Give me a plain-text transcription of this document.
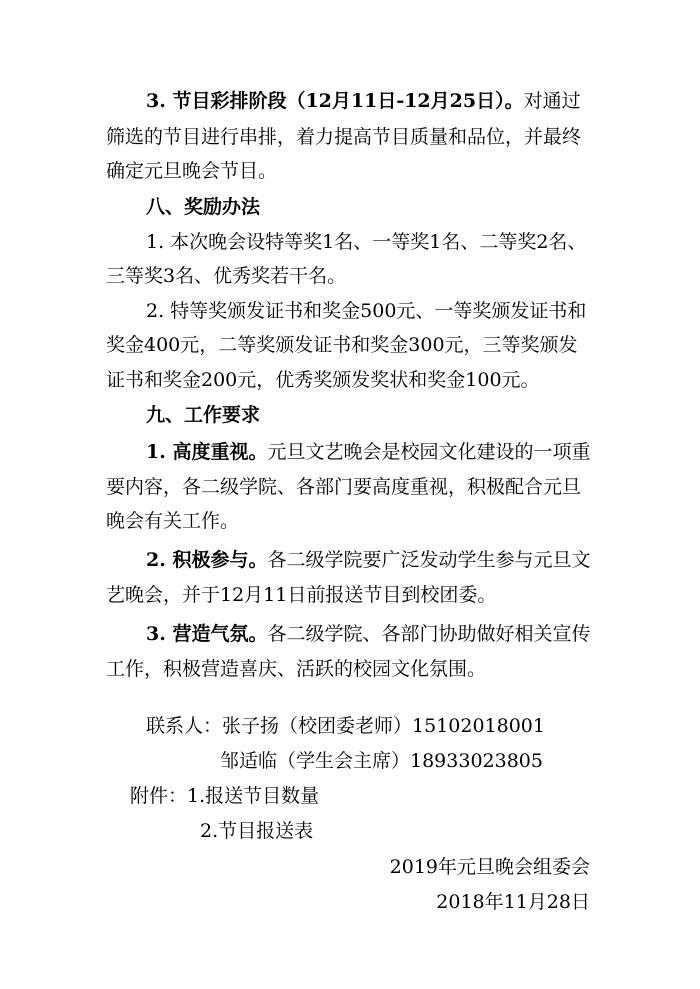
3. 节目彩排阶段（12月11日-12月25日）。对通过
筛选的节目进行串排，着力提高节目质量和品位，并最终
确定元旦晚会节目。
八、奖励办法
1. 本次晚会设特等奖1名、一等奖1名、二等奖2名、
三等奖3名、优秀奖若干名。
2. 特等奖颁发证书和奖金500元、一等奖颁发证书和
奖金400元，二等奖颁发证书和奖金300元，三等奖颁发
证书和奖金200元，优秀奖颁发奖状和奖金100元。
九、工作要求
1. 高度重视。元旦文艺晚会是校园文化建设的一项重
要内容，各二级学院、各部门要高度重视，积极配合元旦
晚会有关工作。
2. 积极参与。各二级学院要广泛发动学生参与元旦文
艺晚会，并于12月11日前报送节目到校团委。
3. 营造气氛。各二级学院、各部门协助做好相关宣传
工作，积极营造喜庆、活跃的校园文化氛围。
联系人：张子扬（校团委老师）15102018001
邹适临（学生会主席）18933023805
附件：1.报送节目数量
2.节目报送表
2019年元旦晚会组委会
2018年11月28日
